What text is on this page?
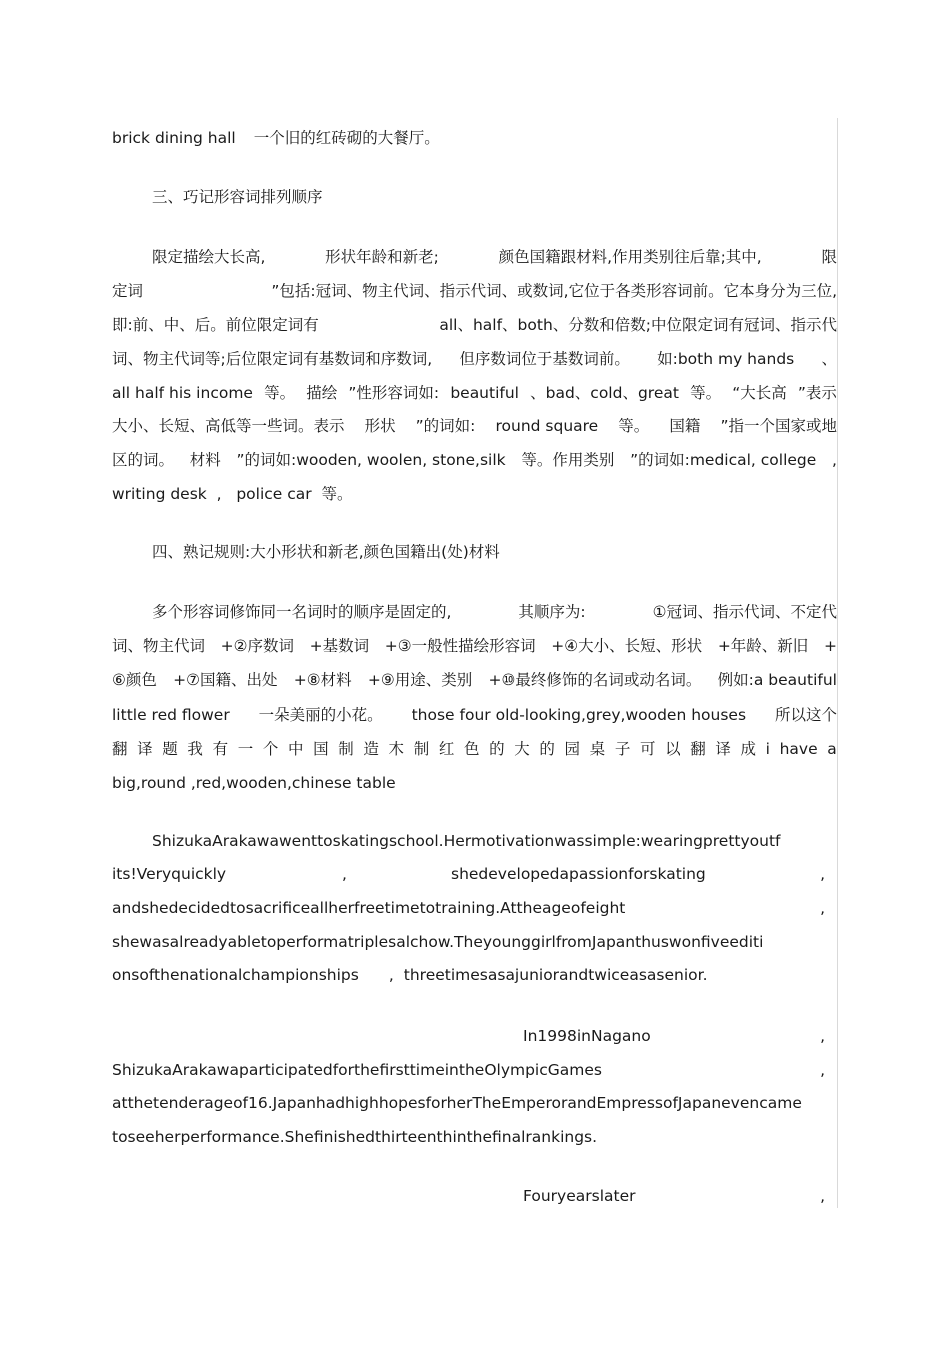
brick dining hall 一个旧的红砖砌的大餐厅。
三、巧记形容词排列顺序
限定描绘大长高,	形状年龄和新老;	颜色国籍跟材料,作用类别往后靠;其中,	限
定词	”包括:冠词、物主代词、指示代词、或数词,它位于各类形容词前。它本身分为三位,
即:前、中、后。前位限定词有	all、half、both、分数和倍数;中位限定词有冠词、指示代
词、物主代词等;后位限定词有基数词和序数词, 但序数词位于基数词前。 如:both my hands 、
all half his income 等。 描绘 ”性形容词如: beautiful 、bad、cold、great 等。 “大长高 ”表示
大小、长短、高低等一些词。表示 形状 ”的词如: round square 等。 国籍 ”指一个国家或地
区的词。 材料 ”的词如:wooden, woolen, stone,silk 等。作用类别 ”的词如:medical, college ,
writing desk , police car 等。
四、熟记规则:大小形状和新老,颜色国籍出(处)材料
多个形容词修饰同一名词时的顺序是固定的,	其顺序为:	①冠词、指示代词、不定代
词、物主代词 +②序数词 +基数词 +③一般性描绘形容词 +④大小、长短、形状 +年龄、新旧 +
⑥颜色 +⑦国籍、出处 +⑧材料 +⑨用途、类别 +⑩最终修饰的名词或动名词。 例如:a beautiful
little red flower 一朵美丽的小花。 those four old-looking,grey,wooden houses 所以这个
翻 译 题 我 有 一 个 中 国 制 造 木 制 红 色 的 大 的 园 桌 子 可 以 翻 译 成 i have a
big,round ,red,wooden,chinese table
ShizukaArakawawenttoskatingschool.Hermotivationwassimple:wearingprettyoutf
its!Veryquickly	,	shedevelopedapassionforskating	,
andshedecidedtosacrificeallherfreetimetotraining.Attheageofeight	,
shewasalreadyabletoperformatriplesalchow.TheyounggirlfromJapanthuswonfiveediti
onsofthenationalchampionships , threetimesasajuniorandtwiceasasenior.
In1998inNagano	,
ShizukaArakawaparticipatedforthefirsttimeintheOlympicGames	,
atthetenderageof16.JapanhadhighhopesforherTheEmperorandEmpressofJapanevencame
toseeherperformance.Shefinishedthirteenthinthefinalrankings.
Fouryearslater	,
